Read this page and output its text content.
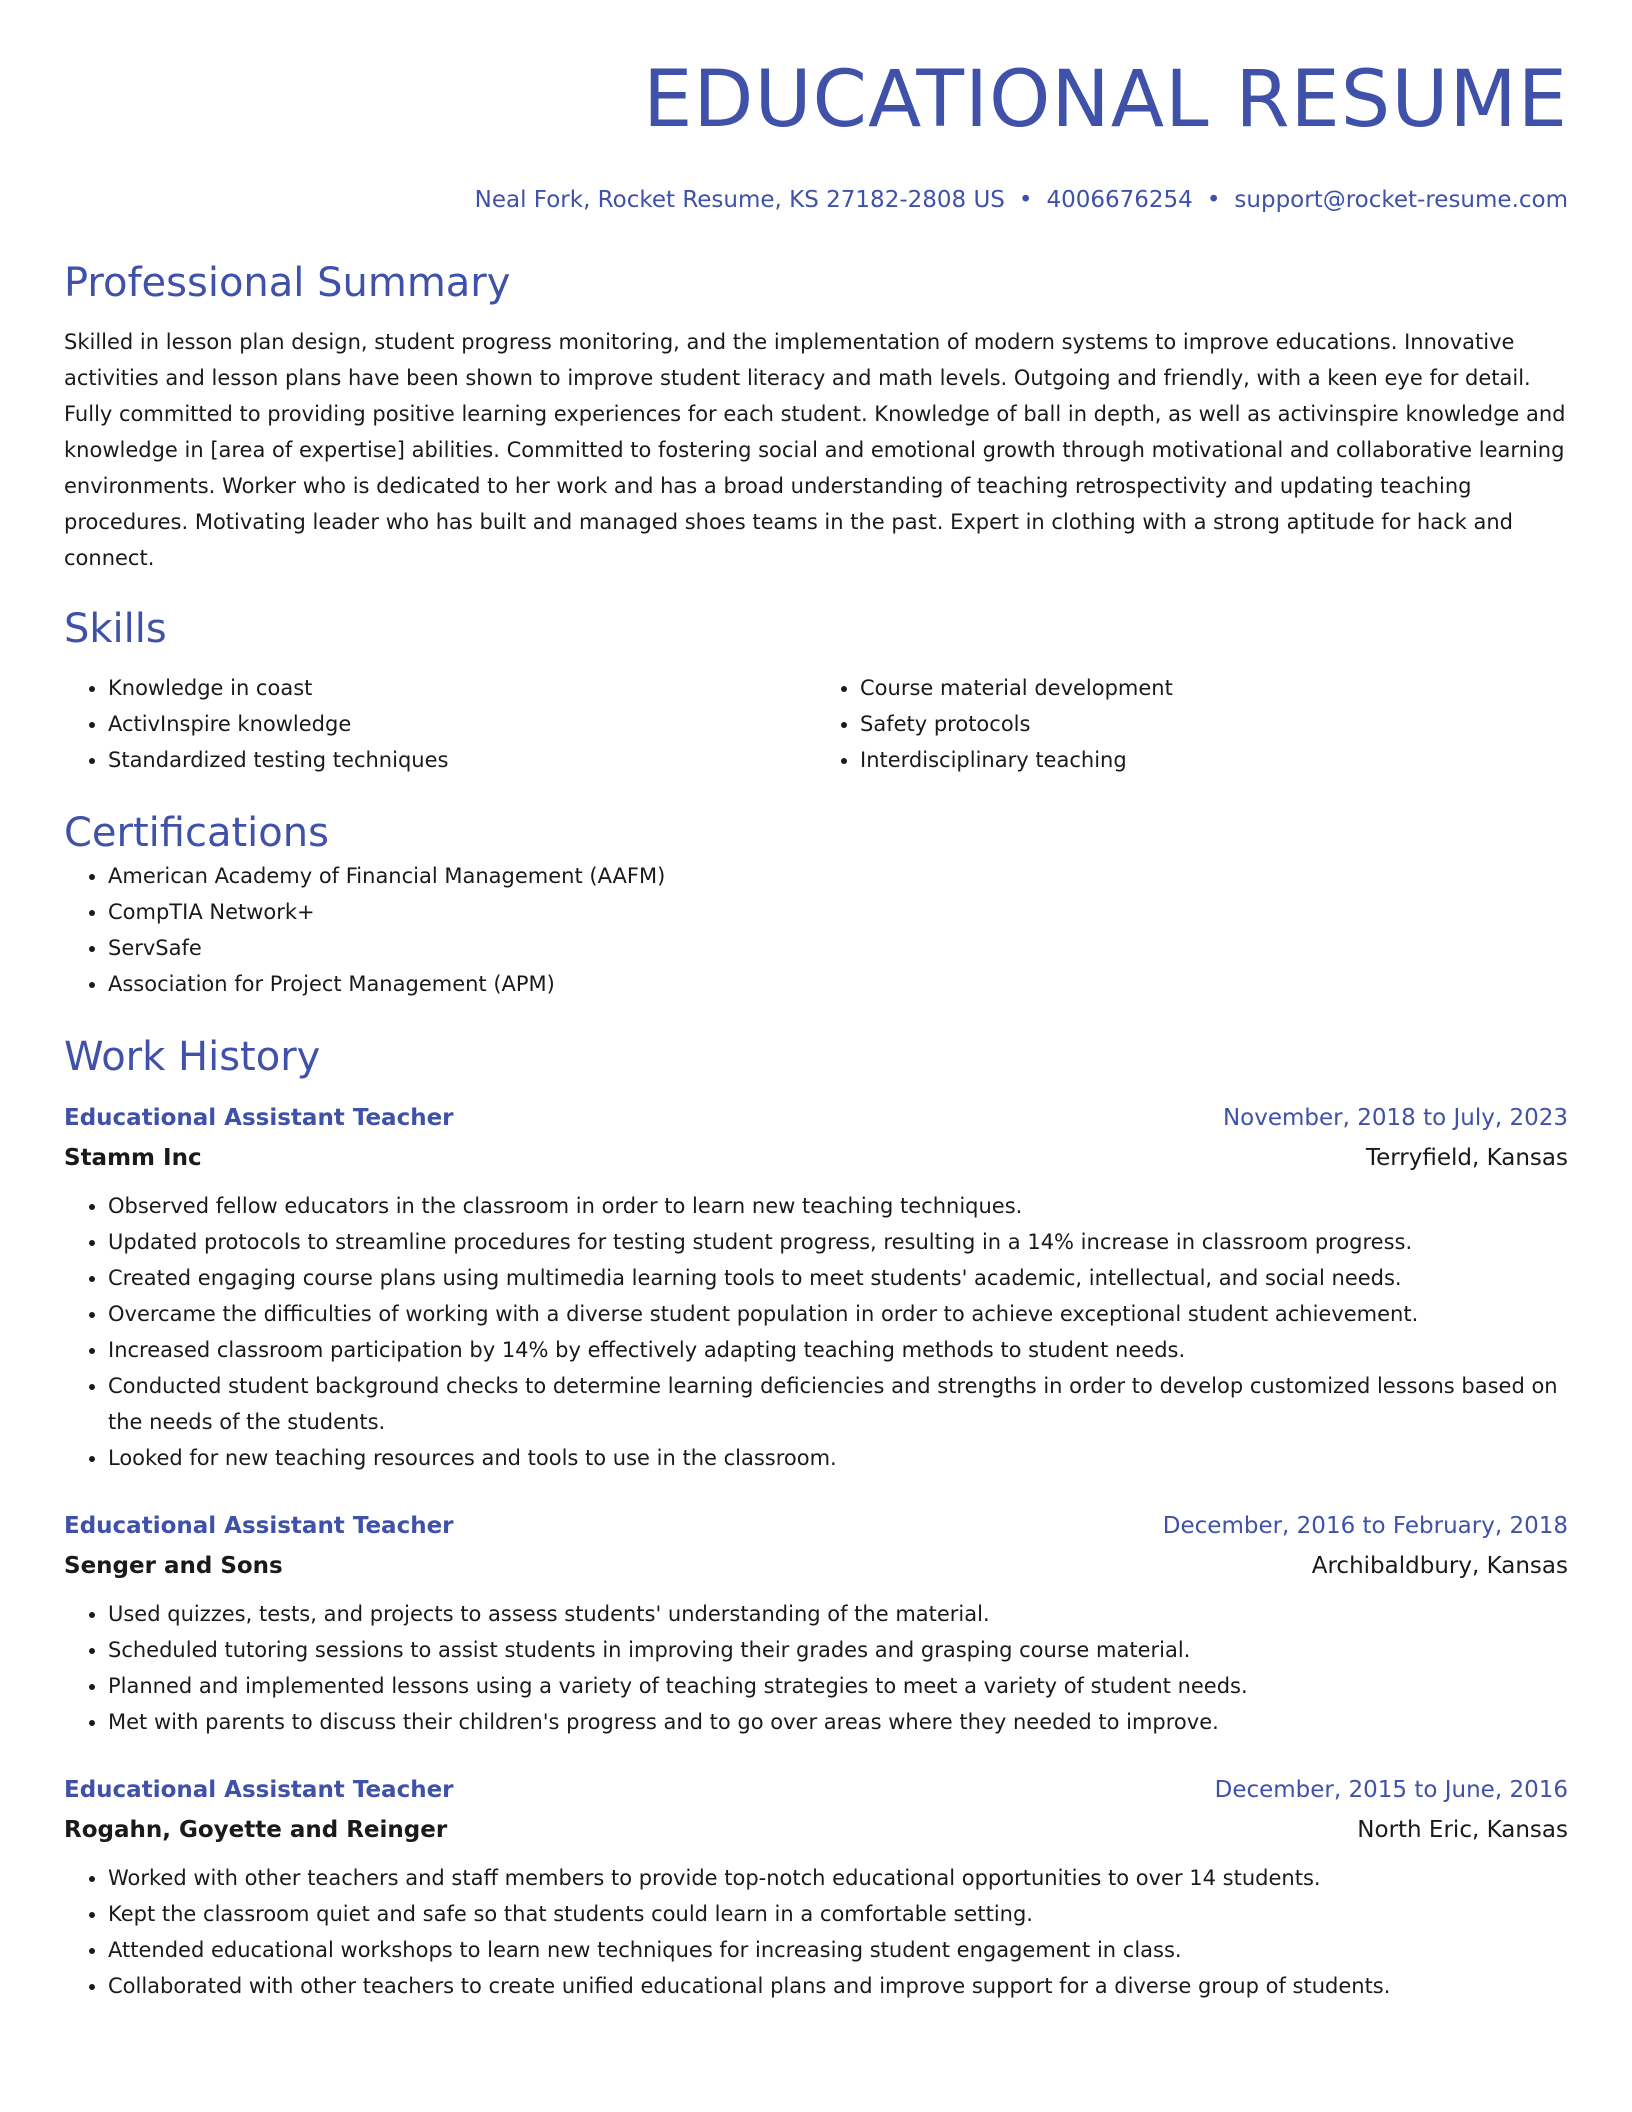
EDUCATIONAL RESUME
Neal Fork, Rocket Resume, KS 27182-2808 US • 4006676254 • support@rocket-resume.com
Professional Summary
Skilled in lesson plan design, student progress monitoring, and the implementation of modern systems to improve educations. Innovative activities and lesson plans have been shown to improve student literacy and math levels. Outgoing and friendly, with a keen eye for detail. Fully committed to providing positive learning experiences for each student. Knowledge of ball in depth, as well as activinspire knowledge and knowledge in [area of expertise] abilities. Committed to fostering social and emotional growth through motivational and collaborative learning environments. Worker who is dedicated to her work and has a broad understanding of teaching retrospectivity and updating teaching procedures. Motivating leader who has built and managed shoes teams in the past. Expert in clothing with a strong aptitude for hack and connect.
Skills
• Knowledge in coast
• ActivInspire knowledge
• Standardized testing techniques
• Course material development
• Safety protocols
• Interdisciplinary teaching
Certifications
• American Academy of Financial Management (AAFM)
• CompTIA Network+
• ServSafe
• Association for Project Management (APM)
Work History
Educational Assistant Teacher	November, 2018 to July, 2023
Stamm Inc	Terryfield, Kansas
• Observed fellow educators in the classroom in order to learn new teaching techniques.
• Updated protocols to streamline procedures for testing student progress, resulting in a 14% increase in classroom progress.
• Created engaging course plans using multimedia learning tools to meet students' academic, intellectual, and social needs.
• Overcame the difficulties of working with a diverse student population in order to achieve exceptional student achievement.
• Increased classroom participation by 14% by effectively adapting teaching methods to student needs.
• Conducted student background checks to determine learning deficiencies and strengths in order to develop customized lessons based on the needs of the students.
• Looked for new teaching resources and tools to use in the classroom.
Educational Assistant Teacher	December, 2016 to February, 2018
Senger and Sons	Archibaldbury, Kansas
• Used quizzes, tests, and projects to assess students' understanding of the material.
• Scheduled tutoring sessions to assist students in improving their grades and grasping course material.
• Planned and implemented lessons using a variety of teaching strategies to meet a variety of student needs.
• Met with parents to discuss their children's progress and to go over areas where they needed to improve.
Educational Assistant Teacher	December, 2015 to June, 2016
Rogahn, Goyette and Reinger	North Eric, Kansas
• Worked with other teachers and staff members to provide top-notch educational opportunities to over 14 students.
• Kept the classroom quiet and safe so that students could learn in a comfortable setting.
• Attended educational workshops to learn new techniques for increasing student engagement in class.
• Collaborated with other teachers to create unified educational plans and improve support for a diverse group of students.
